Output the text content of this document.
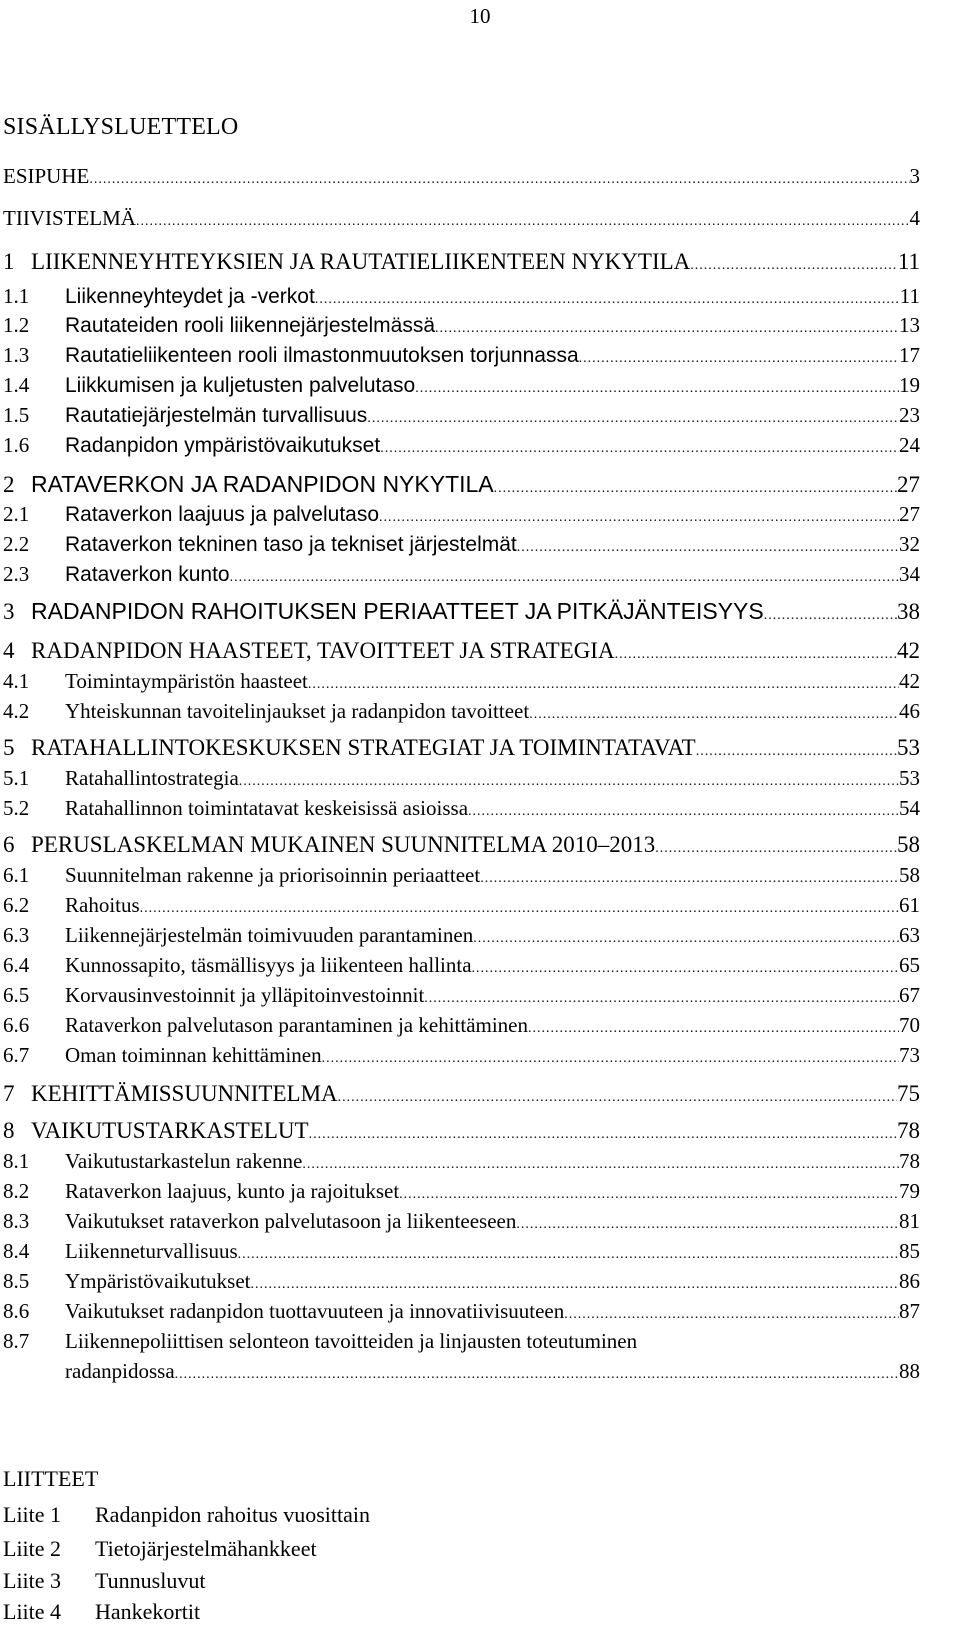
10
SISÄLLYSLUETTELO
ESIPUHE .....	3
TIIVISTELMÄ .....	4
1 LIIKENNEYHTEYKSIEN JA RAUTATIELIIKENTEEN NYKYTILA .....	11
1.1	Liikenneyhteydet ja -verkot .....	11
1.2	Rautateiden rooli liikennejärjestelmässä .....	13
1.3	Rautatieliikenteen rooli ilmastonmuutoksen torjunnassa .....	17
1.4	Liikkumisen ja kuljetusten palvelutaso .....	19
1.5	Rautatiejärjestelmän turvallisuus .....	23
1.6	Radanpidon ympäristövaikutukset .....	24
2 RATAVERKON JA RADANPIDON NYKYTILA .....	27
2.1	Rataverkon laajuus ja palvelutaso .....	27
2.2	Rataverkon tekninen taso ja tekniset järjestelmät .....	32
2.3	Rataverkon kunto .....	34
3 RADANPIDON RAHOITUKSEN PERIAATTEET JA PITKÄJÄNTEISYYS .....	38
4 RADANPIDON HAASTEET, TAVOITTEET JA STRATEGIA .....	42
4.1	Toimintaympäristön haasteet .....	42
4.2	Yhteiskunnan tavoitelinjaukset ja radanpidon tavoitteet .....	46
5 RATAHALLINTOKESKUKSEN STRATEGIAT JA TOIMINTATAVAT .....	53
5.1	Ratahallintostrategia .....	53
5.2	Ratahallinnon toimintatavat keskeisissä asioissa .....	54
6 PERUSLASKELMAN MUKAINEN SUUNNITELMA 2010–2013 .....	58
6.1	Suunnitelman rakenne ja priorisoinnin periaatteet .....	58
6.2	Rahoitus .....	61
6.3	Liikennejärjestelmän toimivuuden parantaminen .....	63
6.4	Kunnossapito, täsmällisyys ja liikenteen hallinta .....	65
6.5	Korvausinvestoinnit ja ylläpitoinvestoinnit .....	67
6.6	Rataverkon palvelutason parantaminen ja kehittäminen .....	70
6.7	Oman toiminnan kehittäminen .....	73
7 KEHITTÄMISSUUNNITELMA .....	75
8 VAIKUTUSTARKASTELUT .....	78
8.1	Vaikutustarkastelun rakenne .....	78
8.2	Rataverkon laajuus, kunto ja rajoitukset .....	79
8.3	Vaikutukset rataverkon palvelutasoon ja liikenteeseen .....	81
8.4	Liikenneturvallisuus .....	85
8.5	Ympäristövaikutukset .....	86
8.6	Vaikutukset radanpidon tuottavuuteen ja innovatiivisuuteen .....	87
8.7	Liikennepoliittisen selonteon tavoitteiden ja linjausten toteutuminen
radanpidossa .....	88
LIITTEET
Liite 1 Radanpidon rahoitus vuosittain
Liite 2 Tietojärjestelmähankkeet
Liite 3 Tunnusluvut
Liite 4 Hankekortit
